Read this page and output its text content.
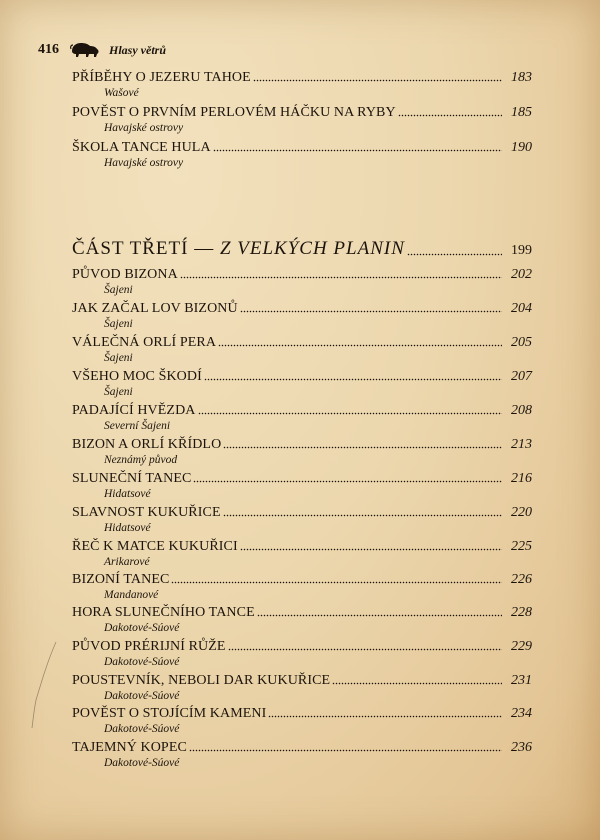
416	Hlasy větrů
PŘÍBĚHY O JEZERU TAHOE	183
Wašové
POVĚST O PRVNÍM PERLOVÉM HÁČKU NA RYBY	185
Havajské ostrovy
ŠKOLA TANCE HULA	190
Havajské ostrovy
ČÁST TŘETÍ — Z VELKÝCH PLANIN	199
PŮVOD BIZONA	202
Šajeni
JAK ZAČAL LOV BIZONŮ	204
Šajeni
VÁLEČNÁ ORLÍ PERA	205
Šajeni
VŠEHO MOC ŠKODÍ	207
Šajeni
PADAJÍCÍ HVĚZDA	208
Severní Šajeni
BIZON A ORLÍ KŘÍDLO	213
Neznámý původ
SLUNEČNÍ TANEC	216
Hidatsové
SLAVNOST KUKUŘICE	220
Hidatsové
ŘEČ K MATCE KUKUŘICI	225
Arikarové
BIZONÍ TANEC	226
Mandanové
HORA SLUNEČNÍHO TANCE	228
Dakotové-Súové
PŮVOD PRÉRIJNÍ RŮŽE	229
Dakotové-Súové
POUSTEVNÍK, NEBOLI DAR KUKUŘICE	231
Dakotové-Súové
POVĚST O STOJÍCÍM KAMENI	234
Dakotové-Súové
TAJEMNÝ KOPEC	236
Dakotové-Súové
